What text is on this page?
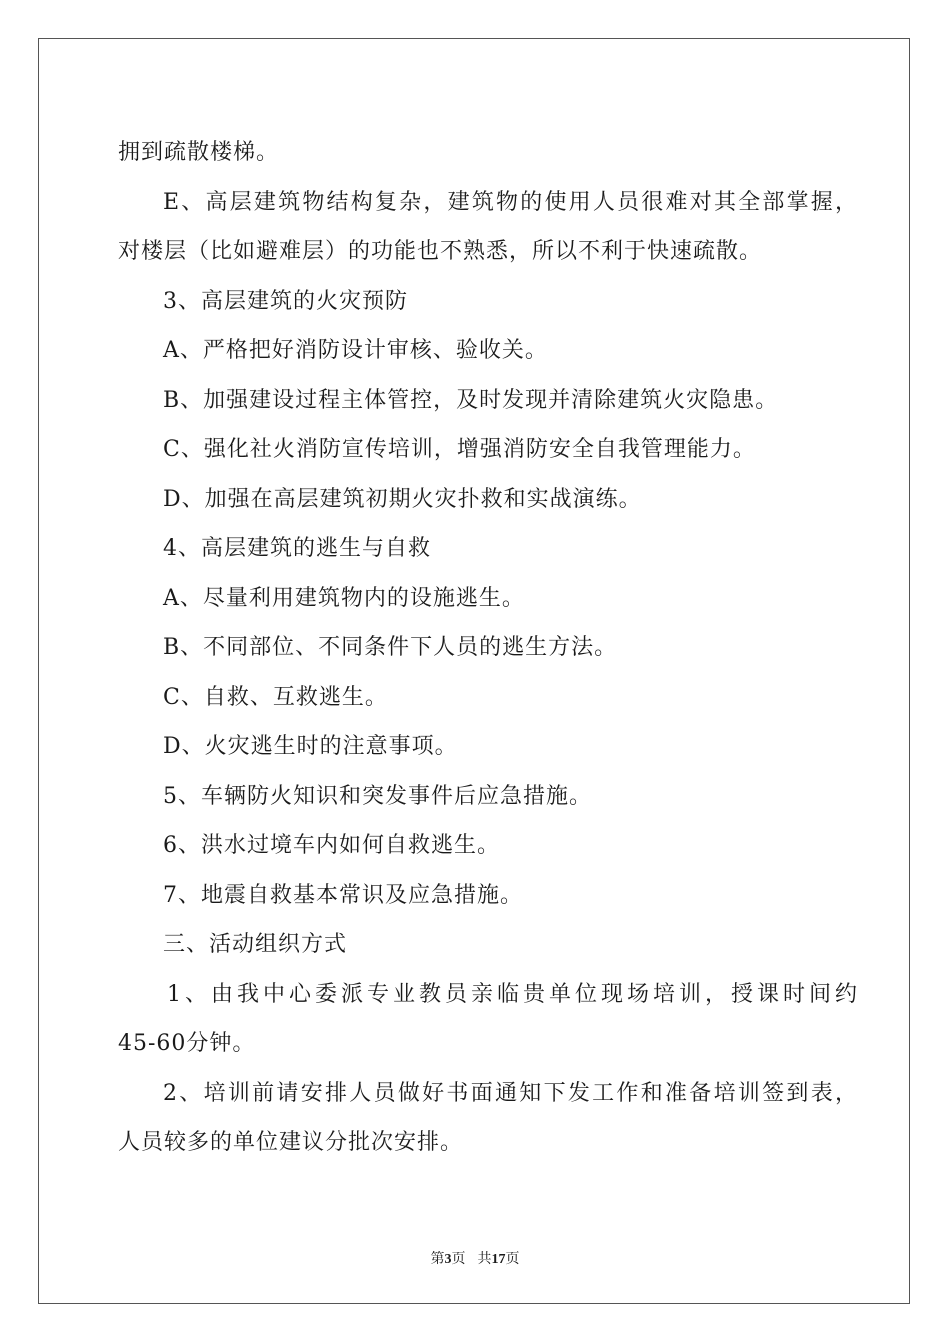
拥到疏散楼梯。
E、高层建筑物结构复杂，建筑物的使用人员很难对其全部掌握，
对楼层（比如避难层）的功能也不熟悉，所以不利于快速疏散。
3、高层建筑的火灾预防
A、严格把好消防设计审核、验收关。
B、加强建设过程主体管控，及时发现并清除建筑火灾隐患。
C、强化社火消防宣传培训，增强消防安全自我管理能力。
D、加强在高层建筑初期火灾扑救和实战演练。
4、高层建筑的逃生与自救
A、尽量利用建筑物内的设施逃生。
B、不同部位、不同条件下人员的逃生方法。
C、自救、互救逃生。
D、火灾逃生时的注意事项。
5、车辆防火知识和突发事件后应急措施。
6、洪水过境车内如何自救逃生。
7、地震自救基本常识及应急措施。
三、活动组织方式
1、由我中心委派专业教员亲临贵单位现场培训，授课时间约
45-60分钟。
2、培训前请安排人员做好书面通知下发工作和准备培训签到表，
人员较多的单位建议分批次安排。
第3页 共17页
